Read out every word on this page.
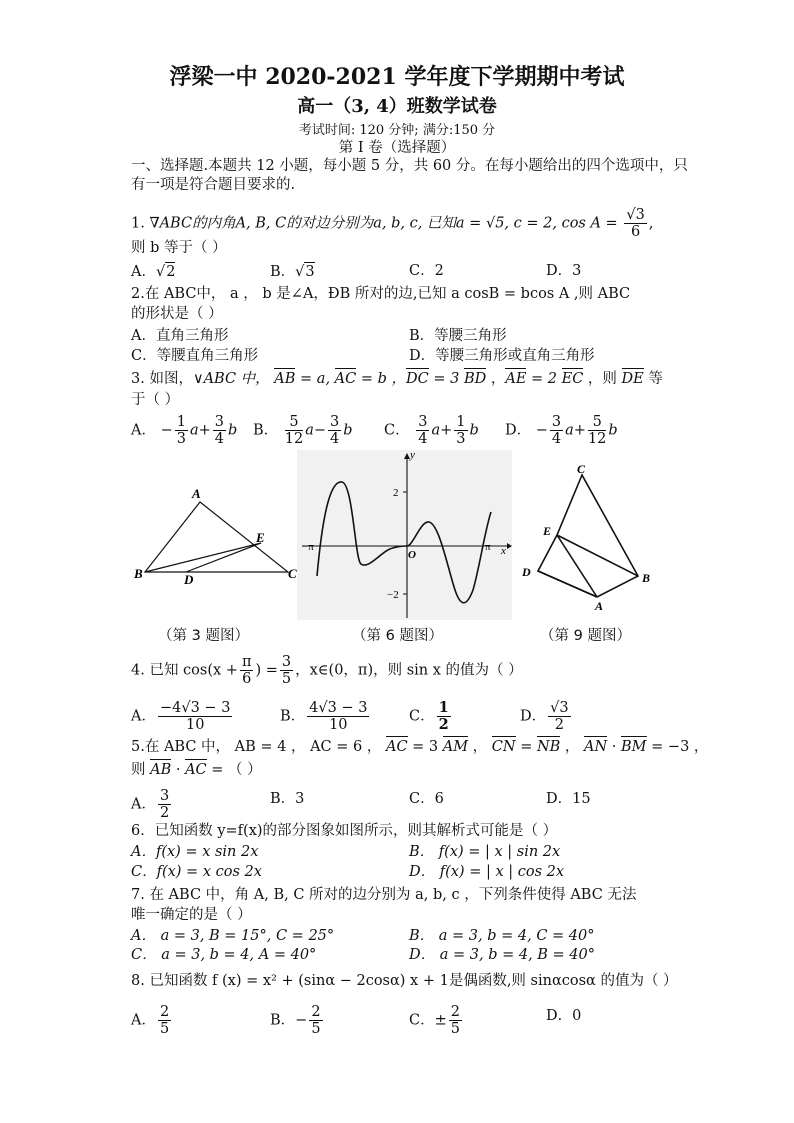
浮梁一中 2020-2021 学年度下学期期中考试
高一（3, 4）班数学试卷
考试时间: 120 分钟; 满分:150 分
第 I 卷（选择题）
一、选择题.本题共 12 小题，每小题 5 分，共 60 分。在每小题给出的四个选项中，只
有一项是符合题目要求的.
1. ∇ABC的内角A, B, C的对边分别为a, b, c, 已知a = √5, c = 2, $\cos A = \frac{√3}{6}$ ,
则 b 等于（ ）
A．√2	B．√3	C．2	D．3
2.在 ABC中， a ， b 是∠A，ÐB 所对的边,已知 a cosB = bcos A ,则 ABC
的形状是（ ）
A．直角三角形	B．等腰三角形
C．等腰直角三角形	D．等腰三角形或直角三角形
3. 如图，∨ABC 中， AB = a, AC = b ，DC = 3 BD ，AE = 2 EC ，则 DE 等
于（ ）
A． − $\frac{1}{3} a+ \frac{3}{4}$ b B． $\frac{5}{12} a- \frac{3}{4}$ b C． $\frac{3}{4} a+ \frac{1}{3}$ b D． − $\frac{3}{4} a+ \frac{5}{12}$ b
A
B	C
D
E
y
x
O
2
−2
−π	π
C
E
D	B
A
（第 3 题图）	（第 6 题图）	（第 9 题图）
4. 已知 $\cos(x + \frac{\pi}{6}$ ) = $\frac{3}{5}$ ，x∈(0，π)，则 sin x 的值为（ ）
A． $\frac{-4√3 - 3}{10}$	B． $\frac{4√3 - 3}{10}$	C． $\frac{1}{2}$	D． $\frac{√3}{2}$
5.在 ABC 中， AB = 4 ， AC = 6 ， AC = 3 AM ， CN = NB ， AN · BM = −3 ，
则 AB · AC = （ ）
A． $\frac{3}{2}$	B．3	C．6	D．15
6．已知函数 y=f(x)的部分图象如图所示，则其解析式可能是（ ）
A．f(x) = x sin 2x	B． f(x) = | x | sin 2x
C．f(x) = x cos 2x	D． f(x) = | x | cos 2x
7. 在 ABC 中，角 A, B, C 所对的边分别为 a, b, c ，下列条件使得 ABC 无法
唯一确定的是（ ）
A． a = 3, B = 15°, C = 25°	B． a = 3, b = 4, C = 40°
C． a = 3, b = 4, A = 40°	D． a = 3, b = 4, B = 40°
8. 已知函数 f (x) = x² + (sinα − 2cosα) x + 1是偶函数,则 sinαcosα 的值为（ ）
A． $\frac{2}{5}$	B．− $\frac{2}{5}$	C．± $\frac{2}{5}$	D．0
